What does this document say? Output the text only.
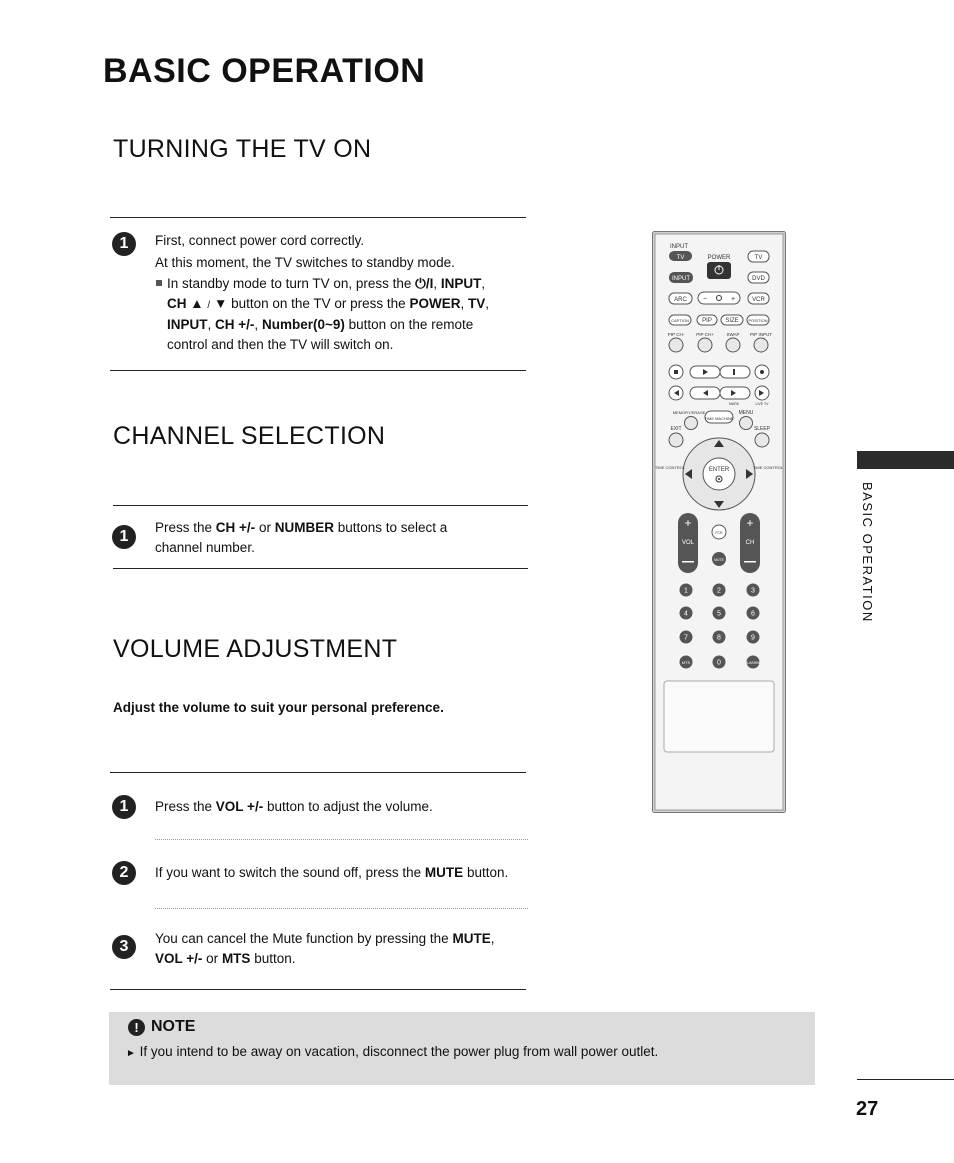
BASIC OPERATION
BASIC OPERATION
TURNING THE TV ON
1	First, connect power cord correctly.
At this moment, the TV switches to standby mode.
In standby mode to turn TV on, press the ⏻/I, INPUT,
CH ▲ / ▼ button on the TV or press the POWER, TV,
INPUT, CH +/-, Number(0~9) button on the remote
control and then the TV will switch on.
CHANNEL SELECTION
1
Press the CH +/- or NUMBER buttons to select a
channel number.
VOLUME ADJUSTMENT
Adjust the volume to suit your personal preference.
1	Press the VOL +/- button to adjust the volume.
2	If you want to switch the sound off, press the MUTE button.
3	You can cancel the Mute function by pressing the MUTE,
VOL +/- or MTS button.
! NOTE
► If you intend to be away on vacation, disconnect the power plug from wall power outlet.
27
INPUT
TV	POWER	TV
INPUT	DVD
ARC −	+	VCR
CAPTION PIP SIZE POSITION
PIP CH-	PIP CH+	SWAP PIP INPUT
MARK	LIVE TV
MEMORY/ERASE
TIME MACHINE
MENU
EXIT	SLEEP
ENTER
TIME CONTROL	TIME CONTROL
+
VOL
+
CH
FCR
MUTE
1	2	3
4	5	6
7	8	9
MTS	0	FLASHBK
